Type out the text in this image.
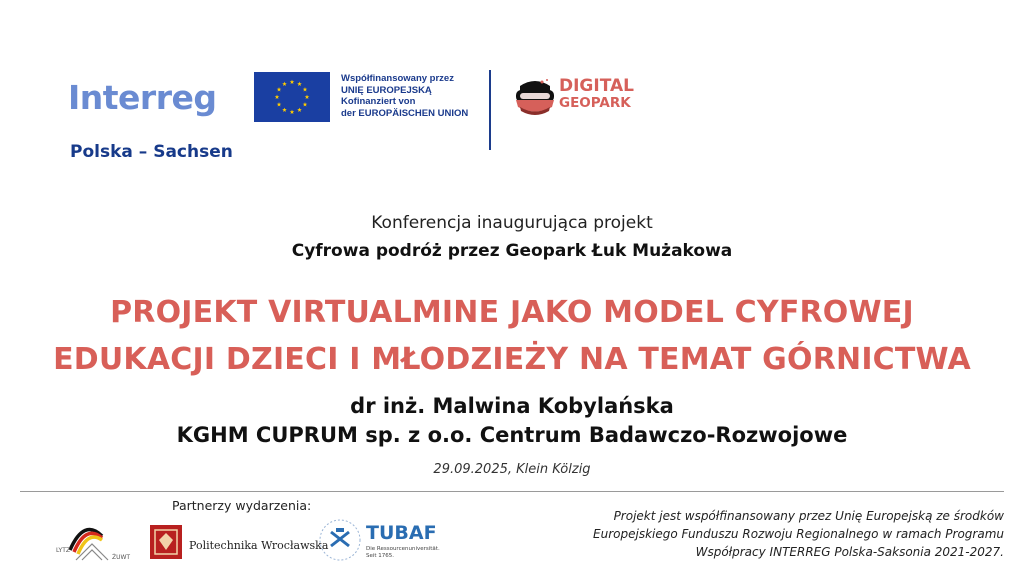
Interreg
Polska – Sachsen
Współfinansowany przez
UNIĘ EUROPEJSKĄ
Kofinanziert von
der EUROPÄISCHEN UNION
DIGITAL
GEOPARK
Konferencja inaugurująca projekt
Cyfrowa podróż przez Geopark Łuk Mużakowa
PROJEKT VIRTUALMINE JAKO MODEL CYFROWEJ
EDUKACJI DZIECI I MŁODZIEŻY NA TEMAT GÓRNICTWA
dr inż. Malwina Kobylańska
KGHM CUPRUM sp. z o.o. Centrum Badawczo-Rozwojowe
29.09.2025, Klein Kölzig
Partnerzy wydarzenia:
LYTZ
ŻUWT
Politechnika Wrocławska
TUBAF
Die Ressourcenuniversität.
Seit 1765.
Projekt jest współfinansowany przez Unię Europejską ze środków
Europejskiego Funduszu Rozwoju Regionalnego w ramach Programu
Współpracy INTERREG Polska-Saksonia 2021-2027.
